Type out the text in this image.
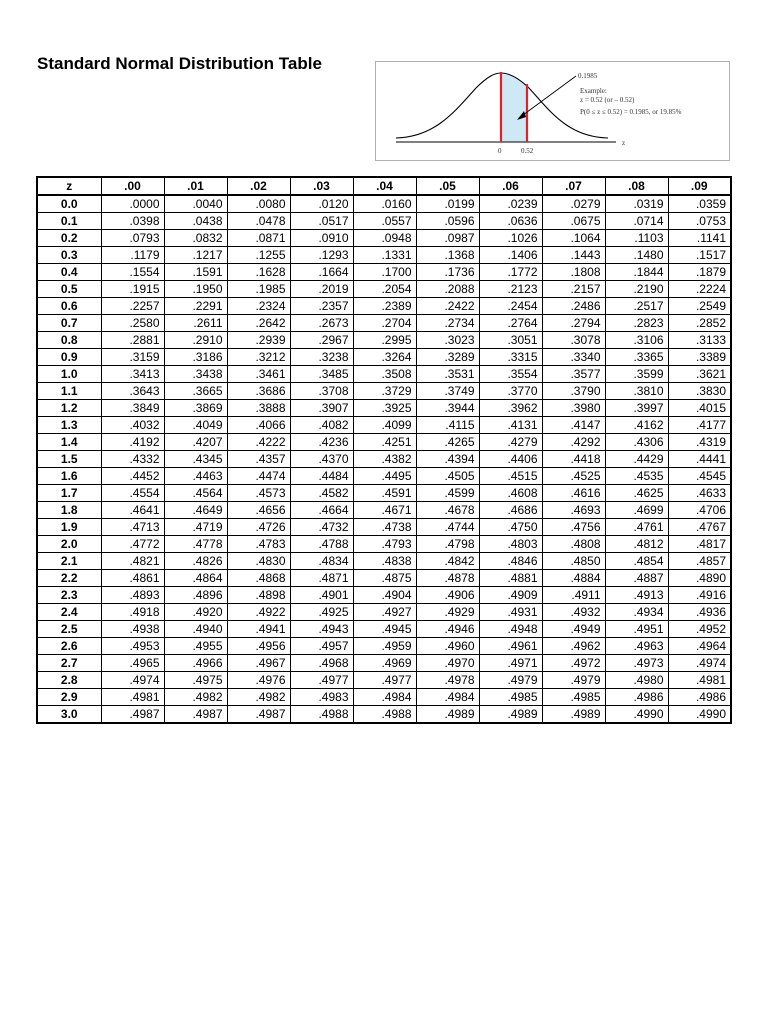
Standard Normal Distribution Table
0.1985
Example:
z = 0.52 (or – 0.52)
P(0 ≤ z ≤ 0.52) = 0.1985, or 19.85%
0	0.52
z
z	.00	.01	.02	.03	.04	.05	.06	.07	.08	.09
0.0	.0000	.0040	.0080	.0120	.0160	.0199	.0239	.0279	.0319	.0359
0.1	.0398	.0438	.0478	.0517	.0557	.0596	.0636	.0675	.0714	.0753
0.2	.0793	.0832	.0871	.0910	.0948	.0987	.1026	.1064	.1103	.1141
0.3	.1179	.1217	.1255	.1293	.1331	.1368	.1406	.1443	.1480	.1517
0.4	.1554	.1591	.1628	.1664	.1700	.1736	.1772	.1808	.1844	.1879
0.5	.1915	.1950	.1985	.2019	.2054	.2088	.2123	.2157	.2190	.2224
0.6	.2257	.2291	.2324	.2357	.2389	.2422	.2454	.2486	.2517	.2549
0.7	.2580	.2611	.2642	.2673	.2704	.2734	.2764	.2794	.2823	.2852
0.8	.2881	.2910	.2939	.2967	.2995	.3023	.3051	.3078	.3106	.3133
0.9	.3159	.3186	.3212	.3238	.3264	.3289	.3315	.3340	.3365	.3389
1.0	.3413	.3438	.3461	.3485	.3508	.3531	.3554	.3577	.3599	.3621
1.1	.3643	.3665	.3686	.3708	.3729	.3749	.3770	.3790	.3810	.3830
1.2	.3849	.3869	.3888	.3907	.3925	.3944	.3962	.3980	.3997	.4015
1.3	.4032	.4049	.4066	.4082	.4099	.4115	.4131	.4147	.4162	.4177
1.4	.4192	.4207	.4222	.4236	.4251	.4265	.4279	.4292	.4306	.4319
1.5	.4332	.4345	.4357	.4370	.4382	.4394	.4406	.4418	.4429	.4441
1.6	.4452	.4463	.4474	.4484	.4495	.4505	.4515	.4525	.4535	.4545
1.7	.4554	.4564	.4573	.4582	.4591	.4599	.4608	.4616	.4625	.4633
1.8	.4641	.4649	.4656	.4664	.4671	.4678	.4686	.4693	.4699	.4706
1.9	.4713	.4719	.4726	.4732	.4738	.4744	.4750	.4756	.4761	.4767
2.0	.4772	.4778	.4783	.4788	.4793	.4798	.4803	.4808	.4812	.4817
2.1	.4821	.4826	.4830	.4834	.4838	.4842	.4846	.4850	.4854	.4857
2.2	.4861	.4864	.4868	.4871	.4875	.4878	.4881	.4884	.4887	.4890
2.3	.4893	.4896	.4898	.4901	.4904	.4906	.4909	.4911	.4913	.4916
2.4	.4918	.4920	.4922	.4925	.4927	.4929	.4931	.4932	.4934	.4936
2.5	.4938	.4940	.4941	.4943	.4945	.4946	.4948	.4949	.4951	.4952
2.6	.4953	.4955	.4956	.4957	.4959	.4960	.4961	.4962	.4963	.4964
2.7	.4965	.4966	.4967	.4968	.4969	.4970	.4971	.4972	.4973	.4974
2.8	.4974	.4975	.4976	.4977	.4977	.4978	.4979	.4979	.4980	.4981
2.9	.4981	.4982	.4982	.4983	.4984	.4984	.4985	.4985	.4986	.4986
3.0	.4987	.4987	.4987	.4988	.4988	.4989	.4989	.4989	.4990	.4990
